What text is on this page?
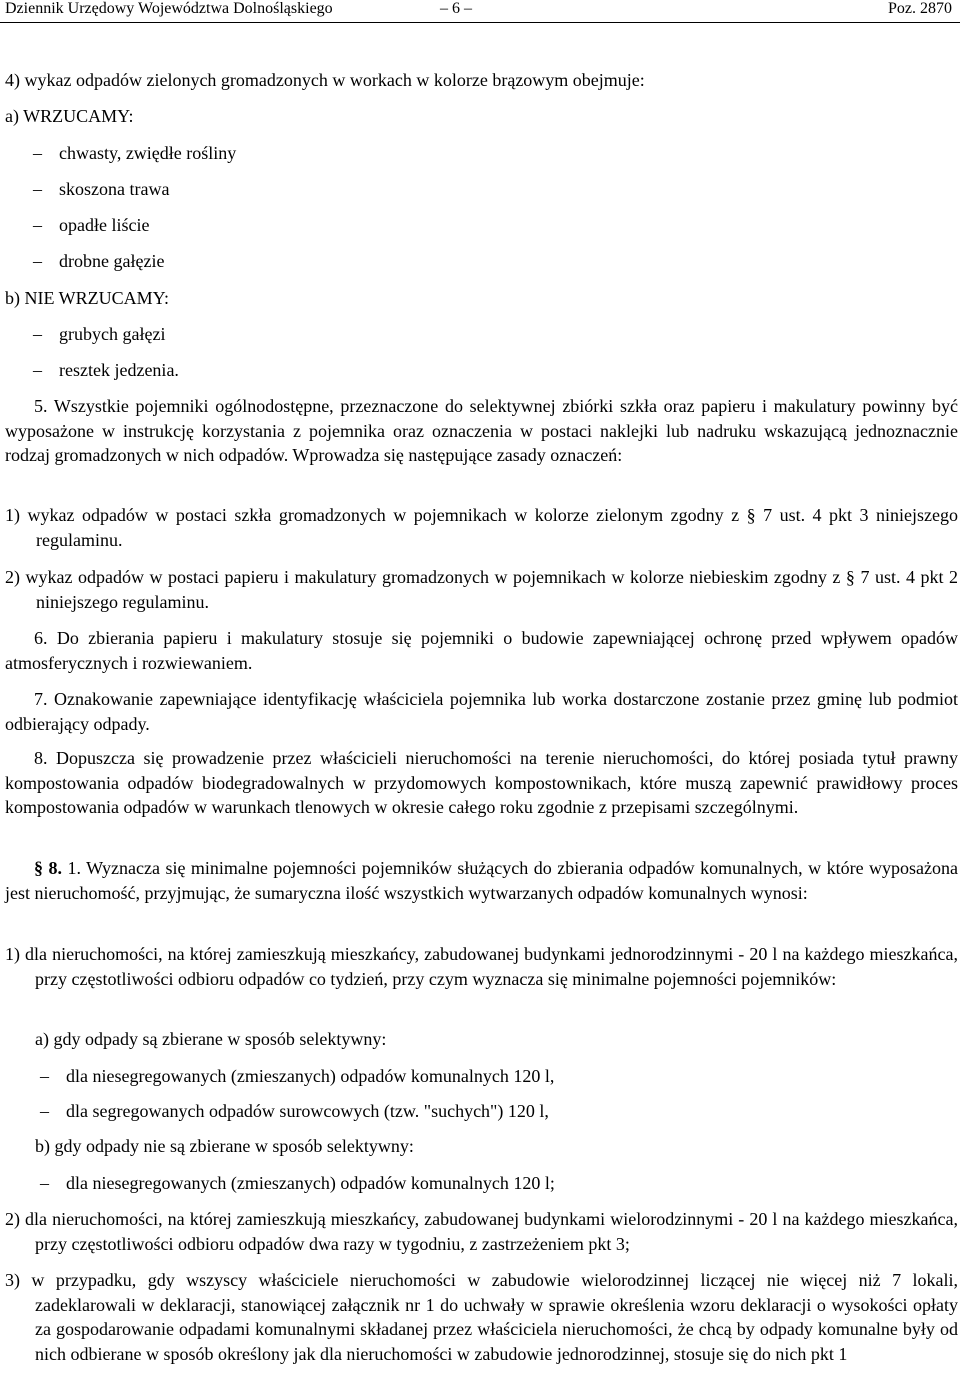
Dziennik Urzędowy Województwa Dolnośląskiego	– 6 –	Poz. 2870
4) wykaz odpadów zielonych gromadzonych w workach w kolorze brązowym obejmuje:
a) WRZUCAMY:
– chwasty, zwiędłe rośliny
– skoszona trawa
– opadłe liście
– drobne gałęzie
b) NIE WRZUCAMY:
– grubych gałęzi
– resztek jedzenia.
5. Wszystkie pojemniki ogólnodostępne, przeznaczone do selektywnej zbiórki szkła oraz papieru i makulatury powinny być wyposażone w instrukcję korzystania z pojemnika oraz oznaczenia w postaci naklejki lub nadruku wskazującą jednoznacznie rodzaj gromadzonych w nich odpadów. Wprowadza się następujące zasady oznaczeń:
1) wykaz odpadów w postaci szkła gromadzonych w pojemnikach w kolorze zielonym zgodny z § 7 ust. 4 pkt 3 niniejszego regulaminu.
2) wykaz odpadów w postaci papieru i makulatury gromadzonych w pojemnikach w kolorze niebieskim zgodny z § 7 ust. 4 pkt 2 niniejszego regulaminu.
6. Do zbierania papieru i makulatury stosuje się pojemniki o budowie zapewniającej ochronę przed wpływem opadów atmosferycznych i rozwiewaniem.
7. Oznakowanie zapewniające identyfikację właściciela pojemnika lub worka dostarczone zostanie przez gminę lub podmiot odbierający odpady.
8. Dopuszcza się prowadzenie przez właścicieli nieruchomości na terenie nieruchomości, do której posiada tytuł prawny kompostowania odpadów biodegradowalnych w przydomowych kompostownikach, które muszą zapewnić prawidłowy proces kompostowania odpadów w warunkach tlenowych w okresie całego roku zgodnie z przepisami szczególnymi.
§ 8. 1. Wyznacza się minimalne pojemności pojemników służących do zbierania odpadów komunalnych, w które wyposażona jest nieruchomość, przyjmując, że sumaryczna ilość wszystkich wytwarzanych odpadów komunalnych wynosi:
1) dla nieruchomości, na której zamieszkują mieszkańcy, zabudowanej budynkami jednorodzinnymi - 20 l na każdego mieszkańca, przy częstotliwości odbioru odpadów co tydzień, przy czym wyznacza się minimalne pojemności pojemników:
a) gdy odpady są zbierane w sposób selektywny:
– dla niesegregowanych (zmieszanych) odpadów komunalnych 120 l,
– dla segregowanych odpadów surowcowych (tzw. "suchych") 120 l,
b) gdy odpady nie są zbierane w sposób selektywny:
– dla niesegregowanych (zmieszanych) odpadów komunalnych 120 l;
2) dla nieruchomości, na której zamieszkują mieszkańcy, zabudowanej budynkami wielorodzinnymi - 20 l na każdego mieszkańca, przy częstotliwości odbioru odpadów dwa razy w tygodniu, z zastrzeżeniem pkt 3;
3) w przypadku, gdy wszyscy właściciele nieruchomości w zabudowie wielorodzinnej liczącej nie więcej niż 7 lokali, zadeklarowali w deklaracji, stanowiącej załącznik nr 1 do uchwały w sprawie określenia wzoru deklaracji o wysokości opłaty za gospodarowanie odpadami komunalnymi składanej przez właściciela nieruchomości, że chcą by odpady komunalne były od nich odbierane w sposób określony jak dla nieruchomości w zabudowie jednorodzinnej, stosuje się do nich pkt 1
